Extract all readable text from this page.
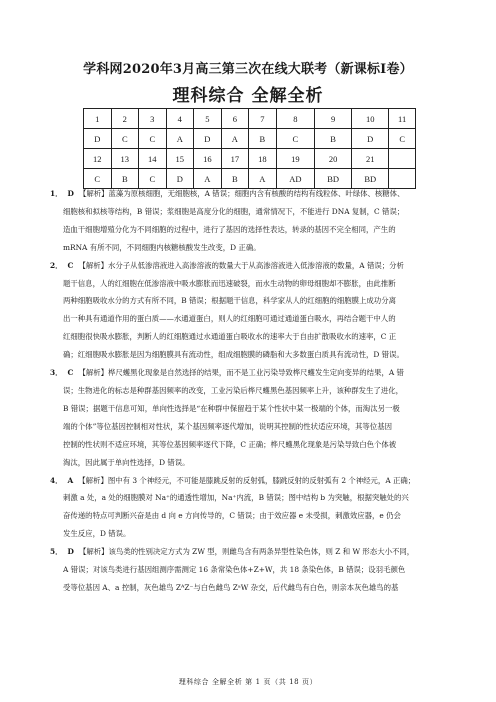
学科网2020年3月高三第三次在线大联考（新课标I卷）
理科综合 全解全析
1	2	3	4	5	6	7	8	9	10	11
D	C	C	A	D	A	B	C	B	D	C
12	13	14	15	16	17	18	19	20	21	
C	B	C	D	A	B	A	AD	BD	BD	
1． D 【解析】蓝藻为原核细胞，无细胞核，A 错误；细胞内含有核酸的结构有线粒体、叶绿体、核糖体、
细胞核和拟核等结构，B 错误；浆细胞是高度分化的细胞，通常情况下，不能进行 DNA 复制，C 错误；
造血干细胞增殖分化为不同细胞的过程中，进行了基因的选择性表达，转录的基因不完全相同，产生的
mRNA 有所不同，不同细胞内核糖核酸发生改变，D 正确。
2． C 【解析】水分子从低渗溶液进入高渗溶液的数量大于从高渗溶液进入低渗溶液的数量，A 错误；分析
题干信息，人的红细胞在低渗溶液中吸水膨胀而迅速破裂，而水生动物的卵母细胞却不膨胀，由此推断
两种细胞吸收水分的方式有所不同，B 错误；根据题干信息，科学家从人的红细胞的细胞膜上成功分离
出一种具有通道作用的蛋白质——水通道蛋白，则人的红细胞可通过通道蛋白吸水，再结合题干中人的
红细胞很快吸水膨胀，判断人的红细胞通过水通道蛋白吸收水的速率大于自由扩散吸收水的速率，C 正
确；红细胞吸水膨胀是因为细胞膜具有流动性，组成细胞膜的磷脂和大多数蛋白质具有流动性，D 错误。
3． C 【解析】桦尺蠖黑化现象是自然选择的结果，而不是工业污染导致桦尺蠖发生定向变异的结果，A 错
误；生物进化的标志是种群基因频率的改变，工业污染后桦尺蠖黑色基因频率上升，该种群发生了进化，
B 错误；据题干信息可知，单向性选择是“在种群中保留趋于某个性状中某一极端的个体，而淘汰另一极
端的个体”等位基因控制相对性状，某个基因频率逐代增加，说明其控制的性状适应环境，其等位基因
控制的性状则不适应环境，其等位基因频率逐代下降，C 正确；桦尺蠖黑化现象是污染导致白色个体被
淘汰，因此属于单向性选择，D 错误。
4． A 【解析】图中有 3 个神经元，不可能是膝跳反射的反射弧，膝跳反射的反射弧有 2 个神经元，A 正确；
刺激 a 处，a 处的细胞膜对 Na⁺的通透性增加，Na⁺内流，B 错误；图中结构 b 为突触，根据突触处的兴
奋传递的特点可判断兴奋是由 d 向 e 方向传导的，C 错误；由于效应器 e 未受损，刺激效应器，e 仍会
发生反应，D 错误。
5． D 【解析】该鸟类的性别决定方式为 ZW 型，则雌鸟含有两条异型性染色体，则 Z 和 W 形态大小不同，
A 错误；对该鸟类进行基因组测序需测定 16 条常染色体+Z+W，共 18 条染色体，B 错误；设羽毛颜色
受等位基因 A、a 控制，灰色雄鸟 ZᴬZ⁻与白色雌鸟 ZᵃW 杂交，后代雌鸟有白色，则亲本灰色雄鸟的基
理科综合 全解全析 第 1 页（共 18 页）
